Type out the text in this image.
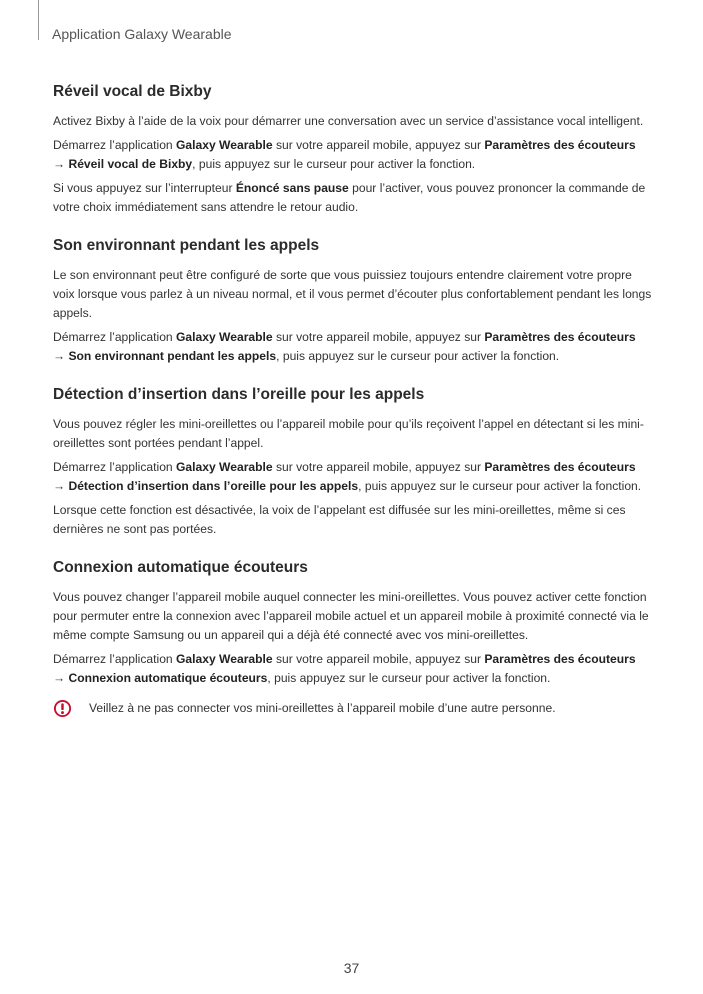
Application Galaxy Wearable
Réveil vocal de Bixby

Activez Bixby à l’aide de la voix pour démarrer une conversation avec un service d’assistance vocal intelligent.

Démarrez l’application Galaxy Wearable sur votre appareil mobile, appuyez sur Paramètres des écouteurs
→ Réveil vocal de Bixby, puis appuyez sur le curseur pour activer la fonction.

Si vous appuyez sur l’interrupteur Énoncé sans pause pour l’activer, vous pouvez prononcer la commande de votre choix immédiatement sans attendre le retour audio.

Son environnant pendant les appels

Le son environnant peut être configuré de sorte que vous puissiez toujours entendre clairement votre propre voix lorsque vous parlez à un niveau normal, et il vous permet d’écouter plus confortablement pendant les longs appels.

Démarrez l’application Galaxy Wearable sur votre appareil mobile, appuyez sur Paramètres des écouteurs
→ Son environnant pendant les appels, puis appuyez sur le curseur pour activer la fonction.

Détection d’insertion dans l’oreille pour les appels

Vous pouvez régler les mini-oreillettes ou l’appareil mobile pour qu’ils reçoivent l’appel en détectant si les mini-oreillettes sont portées pendant l’appel.

Démarrez l’application Galaxy Wearable sur votre appareil mobile, appuyez sur Paramètres des écouteurs
→ Détection d’insertion dans l’oreille pour les appels, puis appuyez sur le curseur pour activer la fonction.

Lorsque cette fonction est désactivée, la voix de l’appelant est diffusée sur les mini-oreillettes, même si ces dernières ne sont pas portées.

Connexion automatique écouteurs

Vous pouvez changer l’appareil mobile auquel connecter les mini-oreillettes. Vous pouvez activer cette fonction pour permuter entre la connexion avec l’appareil mobile actuel et un appareil mobile à proximité connecté via le même compte Samsung ou un appareil qui a déjà été connecté avec vos mini-oreillettes.

Démarrez l’application Galaxy Wearable sur votre appareil mobile, appuyez sur Paramètres des écouteurs
→ Connexion automatique écouteurs, puis appuyez sur le curseur pour activer la fonction.

Veillez à ne pas connecter vos mini-oreillettes à l’appareil mobile d’une autre personne.

37
